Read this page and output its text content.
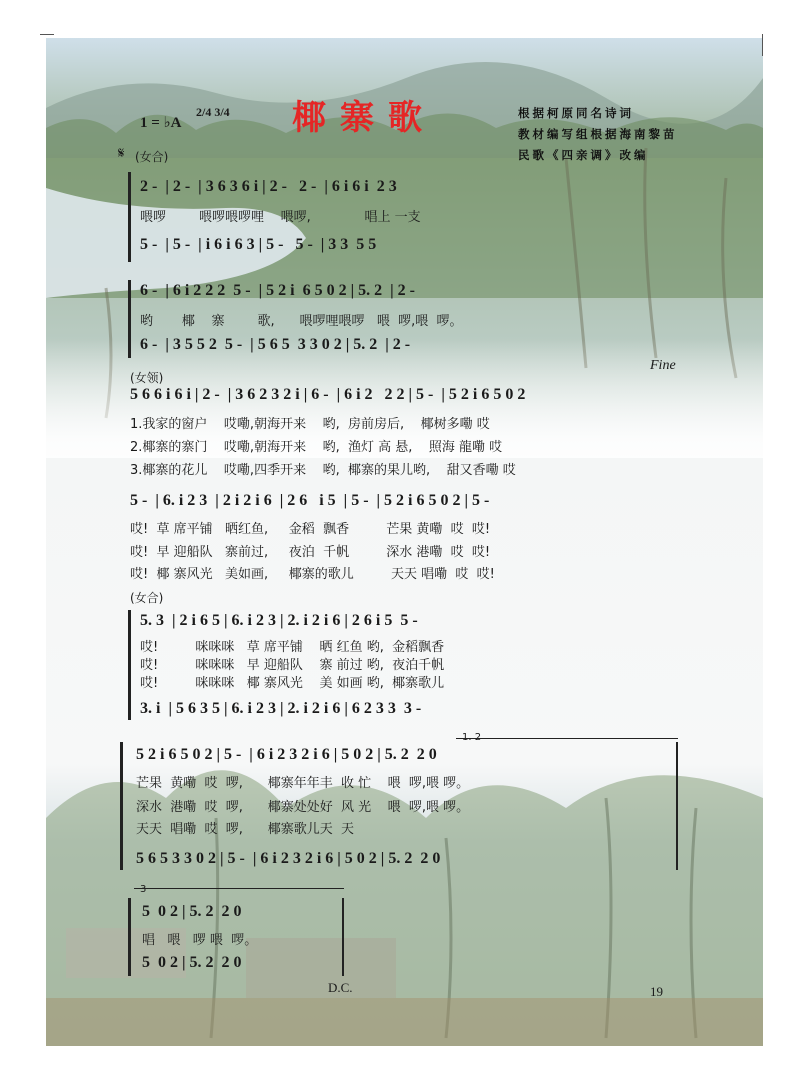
1 = ♭A
2/4 3/4 椰寨歌	根据柯原同名诗词
教材编写组根据海南黎苗
民歌《四亲调》改编
𝄋 (女合)
2 -  | 2 -  | 3 6 3 6 i | 2 -   2 -  | 6 i 6 i  2 3
喂啰        喂啰喂啰哩    喂啰,             唱上 一支
5 -  | 5 -  | i 6 i 6 3 | 5 -   5 -  | 3 3  5 5
6 -  | 6 i 2 2 2  5 -  | 5 2 i  6 5 0 2 | 5. 2  | 2 -
哟       椰    寨        歌,      喂啰哩喂啰   喂  啰,喂  啰。
6 -  | 3 5 5 2  5 -  | 5 6 5  3 3 0 2 | 5. 2  | 2 -
Fine
(女领)
5 6 6 i 6 i | 2 -  | 3 6 2 3 2 i | 6 -  | 6 i 2   2 2 | 5 -  | 5 2 i 6 5 0 2
1.我家的窗户    哎嘞,朝海开来    哟,  房前房后,    椰树多嘞 哎
2.椰寨的寨门    哎嘞,朝海开来    哟,  渔灯 高 悬,    照海 龍嘞 哎
3.椰寨的花儿    哎嘞,四季开来    哟,  椰寨的果儿哟,    甜又香嘞 哎
5 -  | 6. i 2 3  | 2 i 2 i 6  | 2 6   i 5  | 5 -  | 5 2 i 6 5 0 2 | 5 -
哎!  草 席平铺   晒红鱼,     金稻  飘香         芒果 黄嘞  哎  哎!
哎!  早 迎船队   寨前过,     夜泊  千帆         深水 港嘞  哎  哎!
哎!  椰 寨风光   美如画,     椰寨的歌儿         天天 唱嘞  哎  哎!
(女合)
5. 3  | 2 i 6 5 | 6. i 2 3 | 2. i 2 i 6 | 2 6 i 5  5 -
哎!         咪咪咪   草 席平铺    晒 红鱼 哟,  金稻飘香
哎!         咪咪咪   早 迎船队    寨 前过 哟,  夜泊千帆
哎!         咪咪咪   椰 寨风光    美 如画 哟,  椰寨歌儿
3. i  | 5 6 3 5 | 6. i 2 3 | 2. i 2 i 6 | 6 2 3 3  3 -
1. 2
5 2 i 6 5 0 2 | 5 -  | 6 i 2 3 2 i 6 | 5 0 2 | 5. 2  2 0
芒果  黄嘞  哎  啰,      椰寨年年丰  收 忙    喂  啰,喂 啰。
深水  港嘞  哎  啰,      椰寨处处好  风 光    喂  啰,喂 啰。
天天  唱嘞  哎  啰,      椰寨歌儿天  天
5 6 5 3 3 0 2 | 5 -  | 6 i 2 3 2 i 6 | 5 0 2 | 5. 2  2 0
3
5  0 2 | 5. 2  2 0
唱   喂   啰 喂  啰。
5  0 2 | 5. 2  2 0
D.C.	19
